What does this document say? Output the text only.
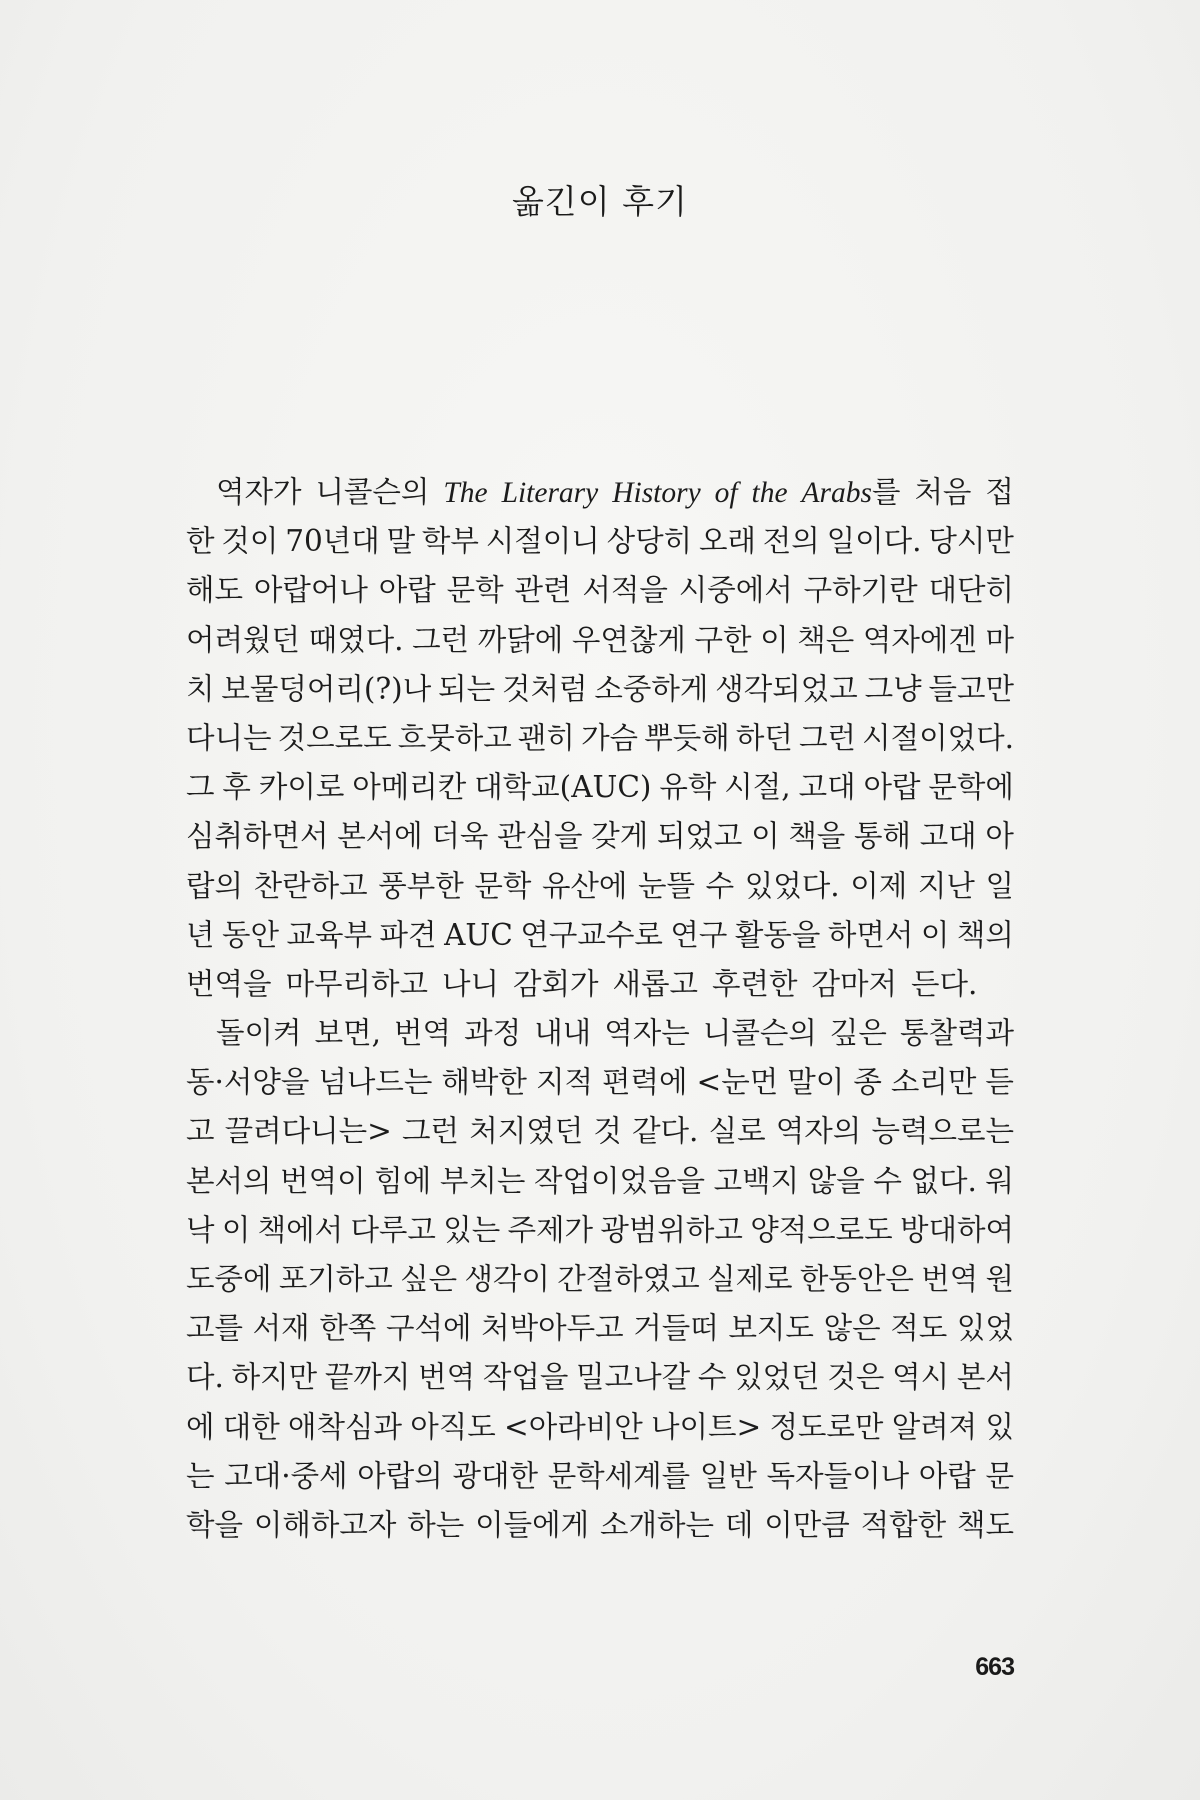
옮긴이 후기
역자가 니콜슨의 The Literary History of the Arabs를 처음 접
한 것이 70년대 말 학부 시절이니 상당히 오래 전의 일이다. 당시만
해도 아랍어나 아랍 문학 관련 서적을 시중에서 구하기란 대단히
어려웠던 때였다. 그런 까닭에 우연찮게 구한 이 책은 역자에겐 마
치 보물덩어리(?)나 되는 것처럼 소중하게 생각되었고 그냥 들고만
다니는 것으로도 흐뭇하고 괜히 가슴 뿌듯해 하던 그런 시절이었다.
그 후 카이로 아메리칸 대학교(AUC) 유학 시절, 고대 아랍 문학에
심취하면서 본서에 더욱 관심을 갖게 되었고 이 책을 통해 고대 아
랍의 찬란하고 풍부한 문학 유산에 눈뜰 수 있었다. 이제 지난 일
년 동안 교육부 파견 AUC 연구교수로 연구 활동을 하면서 이 책의
번역을 마무리하고 나니 감회가 새롭고 후련한 감마저 든다.
돌이켜 보면, 번역 과정 내내 역자는 니콜슨의 깊은 통찰력과
동·서양을 넘나드는 해박한 지적 편력에 <눈먼 말이 종 소리만 듣
고 끌려다니는> 그런 처지였던 것 같다. 실로 역자의 능력으로는
본서의 번역이 힘에 부치는 작업이었음을 고백지 않을 수 없다. 워
낙 이 책에서 다루고 있는 주제가 광범위하고 양적으로도 방대하여
도중에 포기하고 싶은 생각이 간절하였고 실제로 한동안은 번역 원
고를 서재 한쪽 구석에 처박아두고 거들떠 보지도 않은 적도 있었
다. 하지만 끝까지 번역 작업을 밀고나갈 수 있었던 것은 역시 본서
에 대한 애착심과 아직도 <아라비안 나이트> 정도로만 알려져 있
는 고대·중세 아랍의 광대한 문학세계를 일반 독자들이나 아랍 문
학을 이해하고자 하는 이들에게 소개하는 데 이만큼 적합한 책도
663
